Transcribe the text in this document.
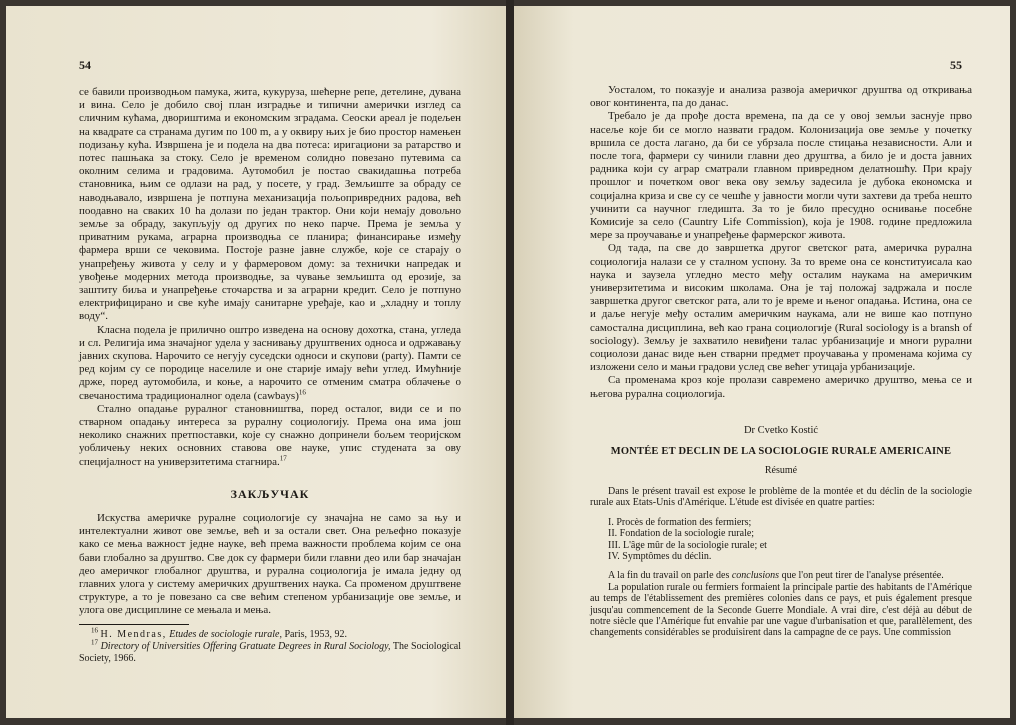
54

се бавили производњом памука, жита, кукуруза, шећерне репе, детелине, дувана и вина. Село је добило свој план изградње и типични амерички изглед са сличним кућама, двориштима и економским зградама. Сеоски ареал је подељен на квадрате са странама дугим по 100 m, а у оквиру њих је био простор намењен подизању кућа. Извршена је и подела на два потеса: иригациони за ратарство и потес пашњака за стоку. Село је временом солидно повезано путевима са околним селима и градовима. Аутомобил је постао свакидашња потреба становника, њим се одлази на рад, у посете, у град. Земљиште за обраду се наводњавало, извршена је потпуна механизација пољопривредних радова, већ поодавно на сваких 10 ha долази по један трактор. Они који немају довољно земље за обраду, закупљују од других по неко парче. Према је земља у приватним рукама, аграрна производња се планира; финансирање између фармера врши се чековима. Постоје разне јавне службе, које се старају о унапређењу живота у селу и у фармеровом дому: за технички напредак и увођење модерних метода производње, за чување земљишта од ерозије, за заштиту биља и унапређење сточарства и за аграрни кредит. Село је потпуно електрифицирано и све куће имају санитарне уређаје, као и „хладну и топлу воду“.

Класна подела је прилично оштро изведена на основу дохотка, стана, угледа и сл. Религија има значајног удела у заснивању друштвених односа и одржавању јавних скупова. Нарочито се негују суседски односи и скупови (party). Памти се ред којим су се породице населиле и оне старије имају већи углед. Имућније држе, поред аутомобила, и коње, а нарочито се отменим сматра облачење о свечаностима традиционалног одела (cawbays)$^{16}$

Стално опадање руралног становништва, поред осталог, види се и по стварном опадању интереса за руралну социологију. Према она има још неколико снажних претпоставки, које су снажно допринели бољем теоријском уобличењу неких основних ставова ове науке, упис студената за ову специјалност на универзитетима стагнира.$^{17}$

ЗАКЉУЧАК

Искуства америчке руралне социологије су значајна не само за њу и интелектуални живот ове земље, већ и за остали свет. Она рељефно показује како се мења важност једне науке, већ према важности проблема којим се она бави глобално за друштво. Све док су фармери били главни део или бар значајан део америчког глобалног друштва, и рурална социологија је имала једну од главних улога у систему америчких друштвених наука. Са променом друштвене структуре, а то је повезано са све већим степеном урбанизације ове земље, и улога ове дисциплине се мењала и мења.

$^{16}$ H. Mendras, Etudes de sociologie rurale, Paris, 1953, 92.

$^{17}$ Directory of Universities Offering Gratuate Degrees in Rural Sociology, The Sociological Society, 1966.

55

Уосталом, то показује и анализа развоја америчког друштва од откривања овог континента, па до данас.

Требало је да прође доста времена, па да се у овој земљи заснује прво насеље које би се могло назвати градом. Колонизација ове земље у почетку вршила се доста лагано, да би се убрзала после стицања независности. Али и после тога, фармери су чинили главни део друштва, а било је и доста јавних радника који су аграр сматрали главном привредном делатношћу. При крају прошлог и почетком овог века ову земљу задесила је дубока економска и социјална криза и све су се чешће у јавности могли чути захтеви да треба нешто учинити са научног гледишта. За то је било пресудно оснивање посебне Комисије за село (Cauntry Life Commission), која је 1908. године предложила мере за проучавање и унапређење фармерског живота.

Од тада, па све до завршетка другог светског рата, америчка рурална социологија налази се у сталном успону. За то време она се конституисала као наука и заузела угледно место међу осталим наукама на америчким универзитетима и високим школама. Она је тај положај задржала и после завршетка другог светског рата, али то је време и њеног опадања. Истина, она се и даље негује међу осталим америчким наукама, али не више као потпуно самостална дисциплина, већ као грана социологије (Rural sociology is a bransh of sociology). Земљу је захватило невиђени талас урбанизације и многи рурални социолози данас виде њен стварни предмет проучавања у променама којима су изложени село и мањи градови услед све већег утицаја урбанизације.

Са променама кроз које пролази савремено америчко друштво, мења се и његова рурална социологија.

Dr Cvetko Kostić
MONTÉE ET DECLIN DE LA SOCIOLOGIE RURALE AMERICAINE
Résumé

Dans le présent travail est expose le problème de la montée et du déclin de la sociologie rurale aux Etats-Unis d'Amérique. L'étude est divisée en quatre parties:

I. Procès de formation des fermiers;
II. Fondation de la sociologie rurale;
III. L'âge mûr de la sociologie rurale; et
IV. Symptômes du déclin.

A la fin du travail on parle des conclusions que l'on peut tirer de l'analyse présentée.

La population rurale ou fermiers formaient la principale partie des habitants de l'Amérique au temps de l'établissement des premières colonies dans ce pays, et puis également presque jusqu'au commencement de la Seconde Guerre Mondiale. A vrai dire, c'est déjà au début de notre siècle que l'Amérique fut envahie par une vague d'urbanisation et que, parallèlement, des changements considérables se produisirent dans la campagne de ce pays. Une commission
